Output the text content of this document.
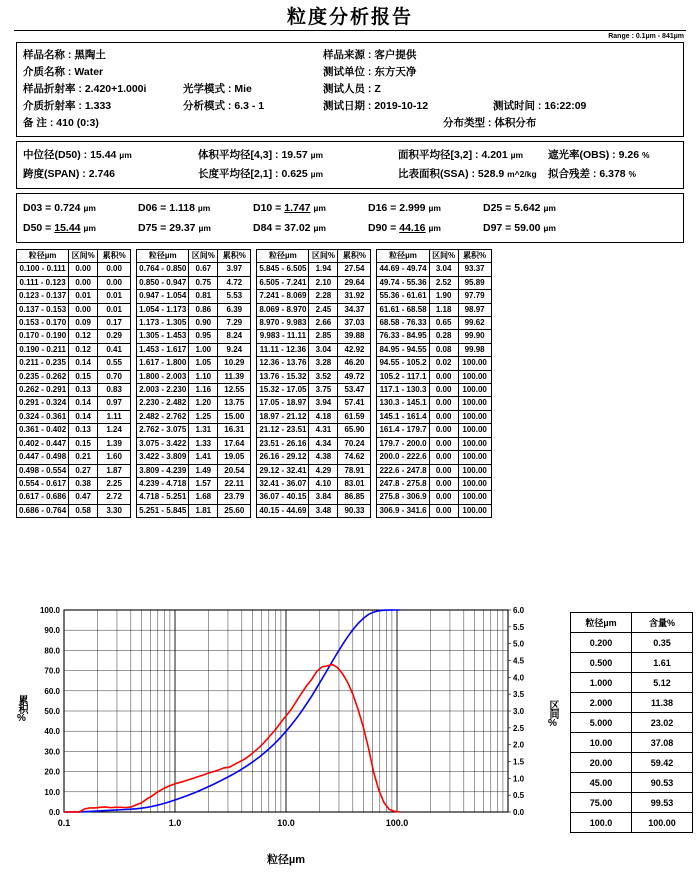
粒度分析报告
Range : 0.1µm - 841µm
样品名称 : 黑陶土	样品来源 : 客户提供
介质名称 : Water	测试单位 : 东方天净
样品折射率 : 2.420+1.000i	光学模式 : Mie	测试人员 : Z
介质折射率 : 1.333	分析模式 : 6.3 - 1	测试日期 : 2019-10-12	测试时间 : 16:22:09
备 注 : 410 (0:3)	分布类型 : 体积分布
中位径(D50) : 15.44 µm	体积平均径[4,3] : 19.57 µm	面积平均径[3,2] : 4.201 µm	遮光率(OBS) : 9.26 %
跨度(SPAN) : 2.746	长度平均径[2,1] : 0.625 µm	比表面积(SSA) : 528.9 m^2/kg	拟合残差 : 6.378 %
D03 = 0.724 µm	D06 = 1.118 µm	D10 = 1.747 µm	D16 = 2.999 µm	D25 = 5.642 µm
D50 = 15.44 µm	D75 = 29.37 µm	D84 = 37.02 µm	D90 = 44.16 µm	D97 = 59.00 µm
粒径µm	区间%	累积%
0.100 - 0.111	0.00	0.00
0.111 - 0.123	0.00	0.00
0.123 - 0.137	0.01	0.01
0.137 - 0.153	0.00	0.01
0.153 - 0.170	0.09	0.17
0.170 - 0.190	0.12	0.29
0.190 - 0.211	0.12	0.41
0.211 - 0.235	0.14	0.55
0.235 - 0.262	0.15	0.70
0.262 - 0.291	0.13	0.83
0.291 - 0.324	0.14	0.97
0.324 - 0.361	0.14	1.11
0.361 - 0.402	0.13	1.24
0.402 - 0.447	0.15	1.39
0.447 - 0.498	0.21	1.60
0.498 - 0.554	0.27	1.87
0.554 - 0.617	0.38	2.25
0.617 - 0.686	0.47	2.72
0.686 - 0.764	0.58	3.30
粒径µm	区间%	累积%
0.764 - 0.850	0.67	3.97
0.850 - 0.947	0.75	4.72
0.947 - 1.054	0.81	5.53
1.054 - 1.173	0.86	6.39
1.173 - 1.305	0.90	7.29
1.305 - 1.453	0.95	8.24
1.453 - 1.617	1.00	9.24
1.617 - 1.800	1.05	10.29
1.800 - 2.003	1.10	11.39
2.003 - 2.230	1.16	12.55
2.230 - 2.482	1.20	13.75
2.482 - 2.762	1.25	15.00
2.762 - 3.075	1.31	16.31
3.075 - 3.422	1.33	17.64
3.422 - 3.809	1.41	19.05
3.809 - 4.239	1.49	20.54
4.239 - 4.718	1.57	22.11
4.718 - 5.251	1.68	23.79
5.251 - 5.845	1.81	25.60
粒径µm	区间%	累积%
5.845 - 6.505	1.94	27.54
6.505 - 7.241	2.10	29.64
7.241 - 8.069	2.28	31.92
8.069 - 8.970	2.45	34.37
8.970 - 9.983	2.66	37.03
9.983 - 11.11	2.85	39.88
11.11 - 12.36	3.04	42.92
12.36 - 13.76	3.28	46.20
13.76 - 15.32	3.52	49.72
15.32 - 17.05	3.75	53.47
17.05 - 18.97	3.94	57.41
18.97 - 21.12	4.18	61.59
21.12 - 23.51	4.31	65.90
23.51 - 26.16	4.34	70.24
26.16 - 29.12	4.38	74.62
29.12 - 32.41	4.29	78.91
32.41 - 36.07	4.10	83.01
36.07 - 40.15	3.84	86.85
40.15 - 44.69	3.48	90.33
粒径µm	区间%	累积%
44.69 - 49.74	3.04	93.37
49.74 - 55.36	2.52	95.89
55.36 - 61.61	1.90	97.79
61.61 - 68.58	1.18	98.97
68.58 - 76.33	0.65	99.62
76.33 - 84.95	0.28	99.90
84.95 - 94.55	0.08	99.98
94.55 - 105.2	0.02	100.00
105.2 - 117.1	0.00	100.00
117.1 - 130.3	0.00	100.00
130.3 - 145.1	0.00	100.00
145.1 - 161.4	0.00	100.00
161.4 - 179.7	0.00	100.00
179.7 - 200.0	0.00	100.00
200.0 - 222.6	0.00	100.00
222.6 - 247.8	0.00	100.00
247.8 - 275.8	0.00	100.00
275.8 - 306.9	0.00	100.00
306.9 - 341.6	0.00	100.00
累积%	区间%
粒径µm
0.0
10.0
20.0
30.0
40.0
50.0
60.0
70.0
80.0
90.0
100.0
0.0
0.5
1.0
1.5
2.0
2.5
3.0
3.5
4.0
4.5
5.0
5.5
6.0
0.1	1.0	10.0	100.0
粒径µm	含量%
0.200	0.35
0.500	1.61
1.000	5.12
2.000	11.38
5.000	23.02
10.00	37.08
20.00	59.42
45.00	90.53
75.00	99.53
100.0	100.00
